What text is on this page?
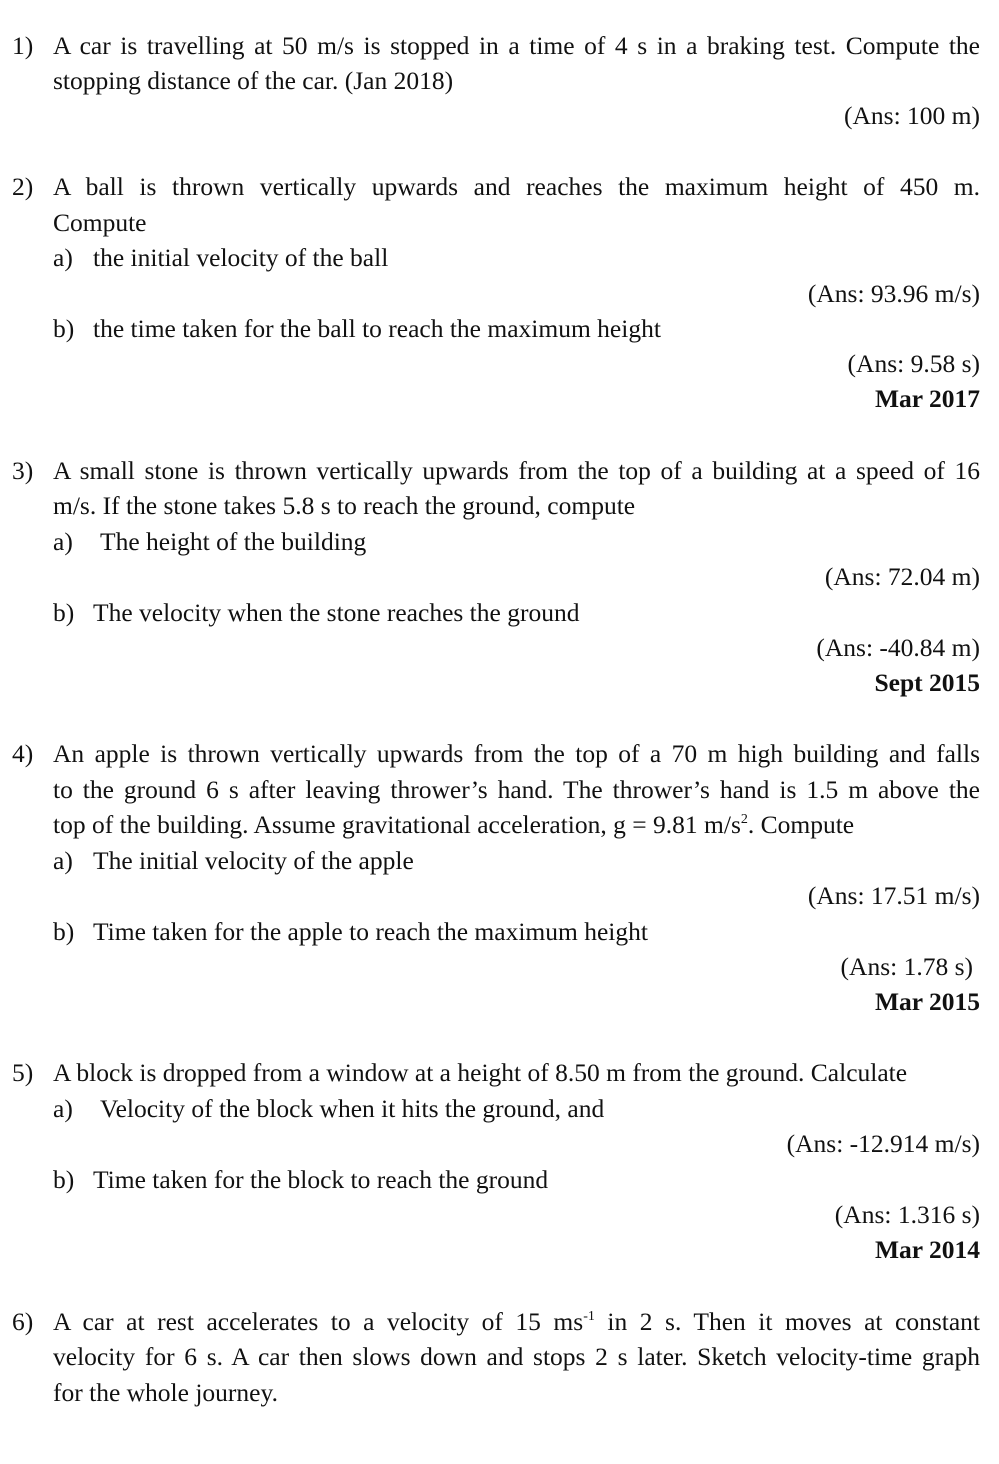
1) A car is travelling at 50 m/s is stopped in a time of 4 s in a braking test. Compute the
stopping distance of the car. (Jan 2018)
(Ans: 100 m)
2) A ball is thrown vertically upwards and reaches the maximum height of 450 m.
Compute
a) the initial velocity of the ball
(Ans: 93.96 m/s)
b) the time taken for the ball to reach the maximum height
(Ans: 9.58 s)
Mar 2017
3) A small stone is thrown vertically upwards from the top of a building at a speed of 16
m/s. If the stone takes 5.8 s to reach the ground, compute
a) The height of the building
(Ans: 72.04 m)
b) The velocity when the stone reaches the ground
(Ans: -40.84 m)
Sept 2015
4) An apple is thrown vertically upwards from the top of a 70 m high building and falls
to the ground 6 s after leaving thrower’s hand. The thrower’s hand is 1.5 m above the
top of the building. Assume gravitational acceleration, g = 9.81 $m/s^2$. Compute
a) The initial velocity of the apple
(Ans: 17.51 m/s)
b) Time taken for the apple to reach the maximum height
(Ans: 1.78 s)
Mar 2015
5) A block is dropped from a window at a height of 8.50 m from the ground. Calculate
a) Velocity of the block when it hits the ground, and
(Ans: -12.914 m/s)
b) Time taken for the block to reach the ground
(Ans: 1.316 s)
Mar 2014
6) A car at rest accelerates to a velocity of 15 $ms^{-1}$ in 2 s. Then it moves at constant
velocity for 6 s. A car then slows down and stops 2 s later. Sketch velocity-time graph
for the whole journey.
